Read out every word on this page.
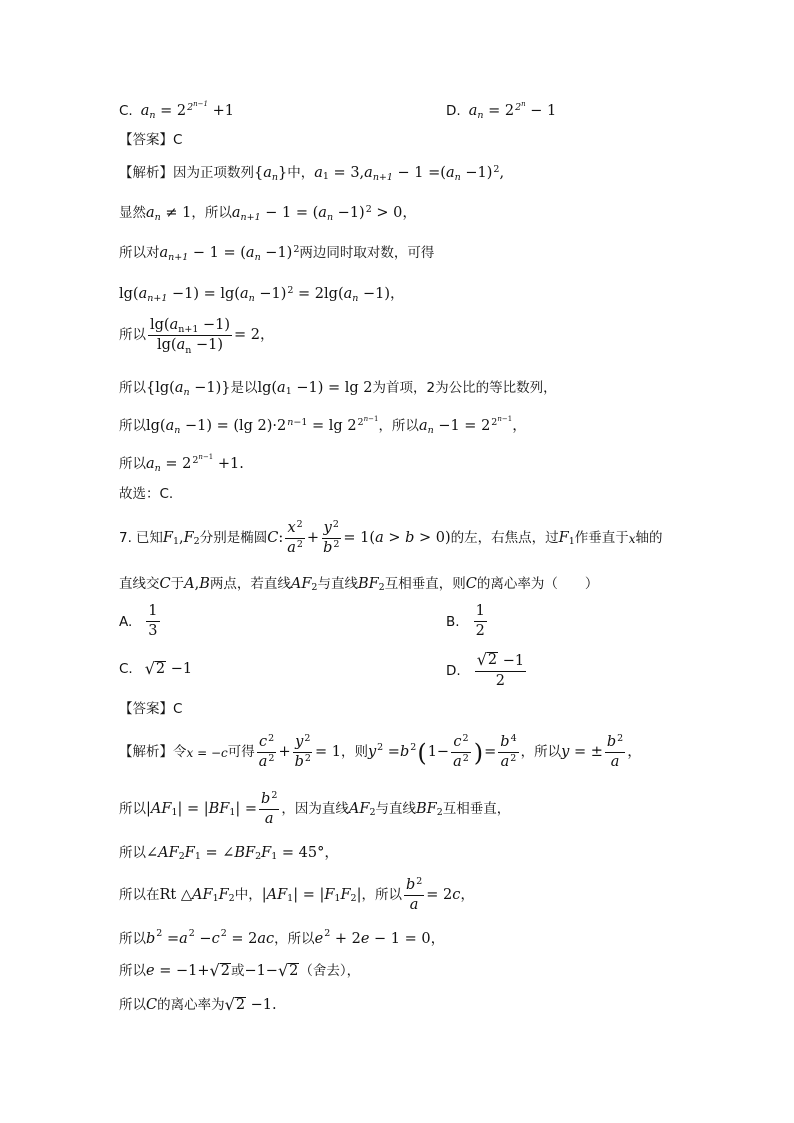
C. $a_n = 2^{2^{n-1}} +1$	D. $a_n = 2^{2^n} - 1$
【答案】C
【解析】 因为正项数列 { $a_n$ } 中， a 1 = 3, $a_{n+1} - 1$ = ( $a_n -1)^2$,
显然 $a_n \ne 1$ ，所以 $a_{n+1} - 1$ = ( $a_n -1)^2 > 0$，
所以对 $a_{n+1} - 1$ = ( $a_n -1)^2$ 两边同时取对数，可得
lg( $a_{n+1} -1) = \lg$( $a_n -1)^2 = 2\lg$( $a_n -1$)，
所以 $\frac{\lg(a_{n+1} -1)}{\lg(a_n -1)} = 2$，
所以 {lg( $a_n -1$)} 是以 lg( a 1 −1) = lg 2 为首项，2为公比的等比数列，
所以 lg( $a_n -1) = (\lg$ $2)\cdot 2^{n-1} = \lg 2^{2^{n-1}}$ ，所以 $a_n -1 = 2^{2^{n-1}}$，
所以 $a_n = 2^{2^{n-1}} +1$.
故选：C.
7. 已知 F 1 , F 2 分别是椭圆 C : $\frac{x^2}{a^2} + \frac{y^2}{b^2} = 1$( a > b > 0) 的左，右焦点，过 F 1 作垂直于 x 轴的
直线交 C 于 A , B 两点，若直线 AF 2 与直线 BF 2 互相垂直，则 C 的离心率为（　　）
A. $\frac{1}{3}$	B. $\frac{1}{2}$
C. √ 2 −1	D. $\frac{√ 2 -1}{2}$
【答案】C
【解析】 令 x = − c 可得 $\frac{c^2}{a^2} + \frac{y^2}{b^2} = 1$ ，则 y 2 = b 2 ( $1- \frac{c^2}{a^2}$ ) = $\frac{b^4}{a^2}$ ，所以 y = ± $\frac{b^2}{a}$ ，
所以 | AF 1 | = | BF 1 | = $\frac{b^2}{a}$ ，因为直线 AF 2 与直线 BF 2 互相垂直，
所以 ∠ AF 2 F 1 = ∠ BF 2 F 1 = 45°，
所以在 Rt △ AF 1 F 2 中， | AF 1 | = | F 1 F 2 | ，所以 $\frac{b^2}{a} = 2$ c ，
所以 b 2 = a 2 − c 2 = 2 ac ，所以 e 2 + 2 e − 1 = 0，
所以 e = −1+ √ 2 或 −1− √ 2 （舍去），
所以 C 的离心率为 √ 2 −1.
